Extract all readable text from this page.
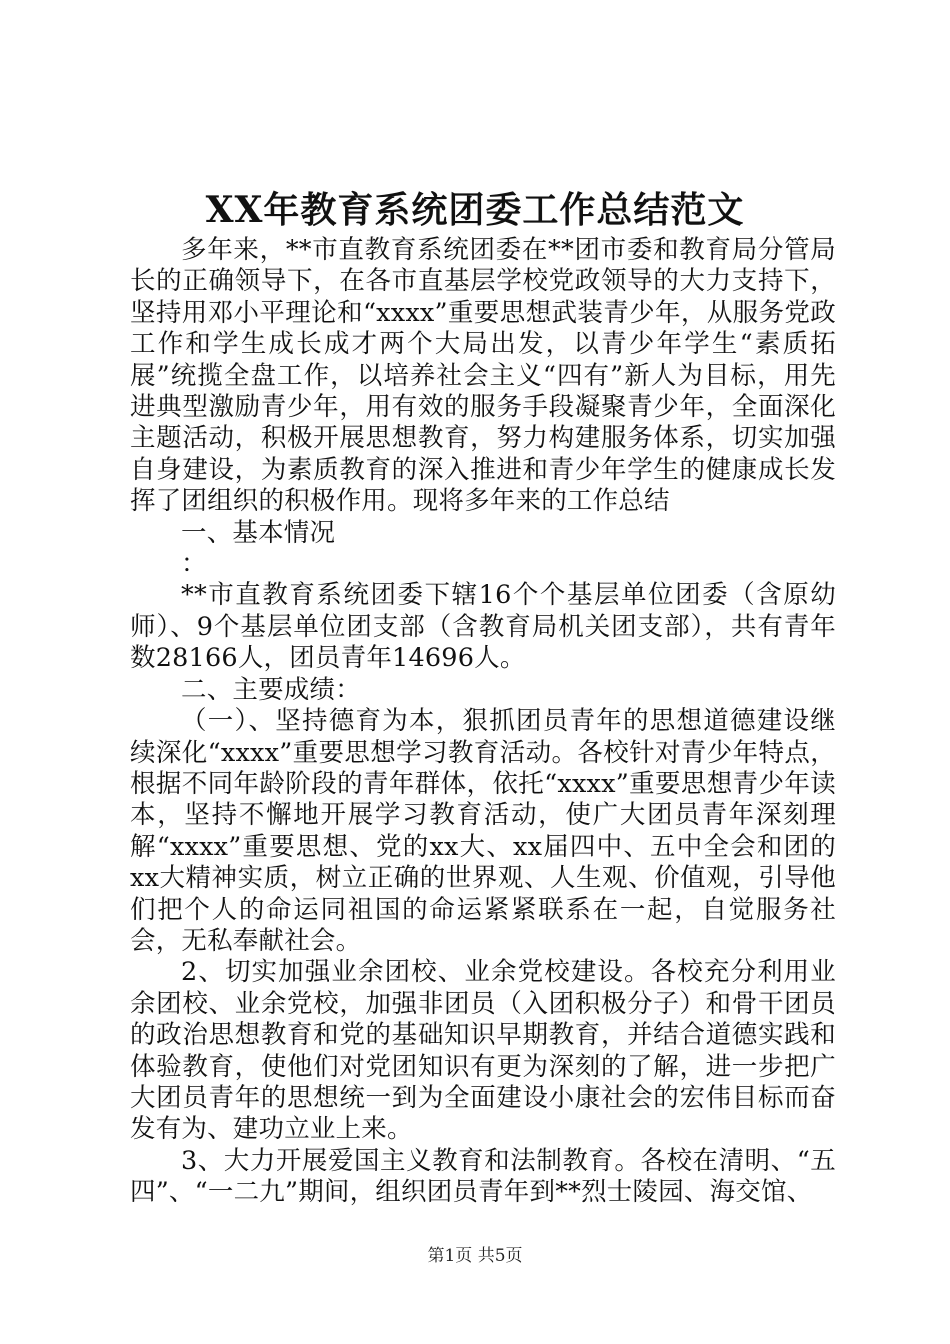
XX年教育系统团委工作总结范文

多年来，**市直教育系统团委在**团市委和教育局分管局长的正确领导下，在各市直基层学校党政领导的大力支持下，坚持用邓小平理论和“xxxx”重要思想武装青少年，从服务党政工作和学生成长成才两个大局出发，以青少年学生“素质拓展”统揽全盘工作，以培养社会主义“四有”新人为目标，用先进典型激励青少年，用有效的服务手段凝聚青少年，全面深化主题活动，积极开展思想教育，努力构建服务体系，切实加强自身建设，为素质教育的深入推进和青少年学生的健康成长发挥了团组织的积极作用。现将多年来的工作总结

一、基本情况

：

**市直教育系统团委下辖16个个基层单位团委（含原幼师）、9个基层单位团支部（含教育局机关团支部），共有青年数28166人，团员青年14696人。

二、主要成绩：

（一）、坚持德育为本，狠抓团员青年的思想道德建设继续深化“xxxx”重要思想学习教育活动。各校针对青少年特点，根据不同年龄阶段的青年群体，依托“xxxx”重要思想青少年读本，坚持不懈地开展学习教育活动，使广大团员青年深刻理解“xxxx”重要思想、党的xx大、xx届四中、五中全会和团的xx大精神实质，树立正确的世界观、人生观、价值观，引导他们把个人的命运同祖国的命运紧紧联系在一起，自觉服务社会，无私奉献社会。

2、切实加强业余团校、业余党校建设。各校充分利用业余团校、业余党校，加强非团员（入团积极分子）和骨干团员的政治思想教育和党的基础知识早期教育，并结合道德实践和体验教育，使他们对党团知识有更为深刻的了解，进一步把广大团员青年的思想统一到为全面建设小康社会的宏伟目标而奋发有为、建功立业上来。

3、大力开展爱国主义教育和法制教育。各校在清明、“五四”、“一二九”期间，组织团员青年到**烈士陵园、海交馆、

第1页 共5页
